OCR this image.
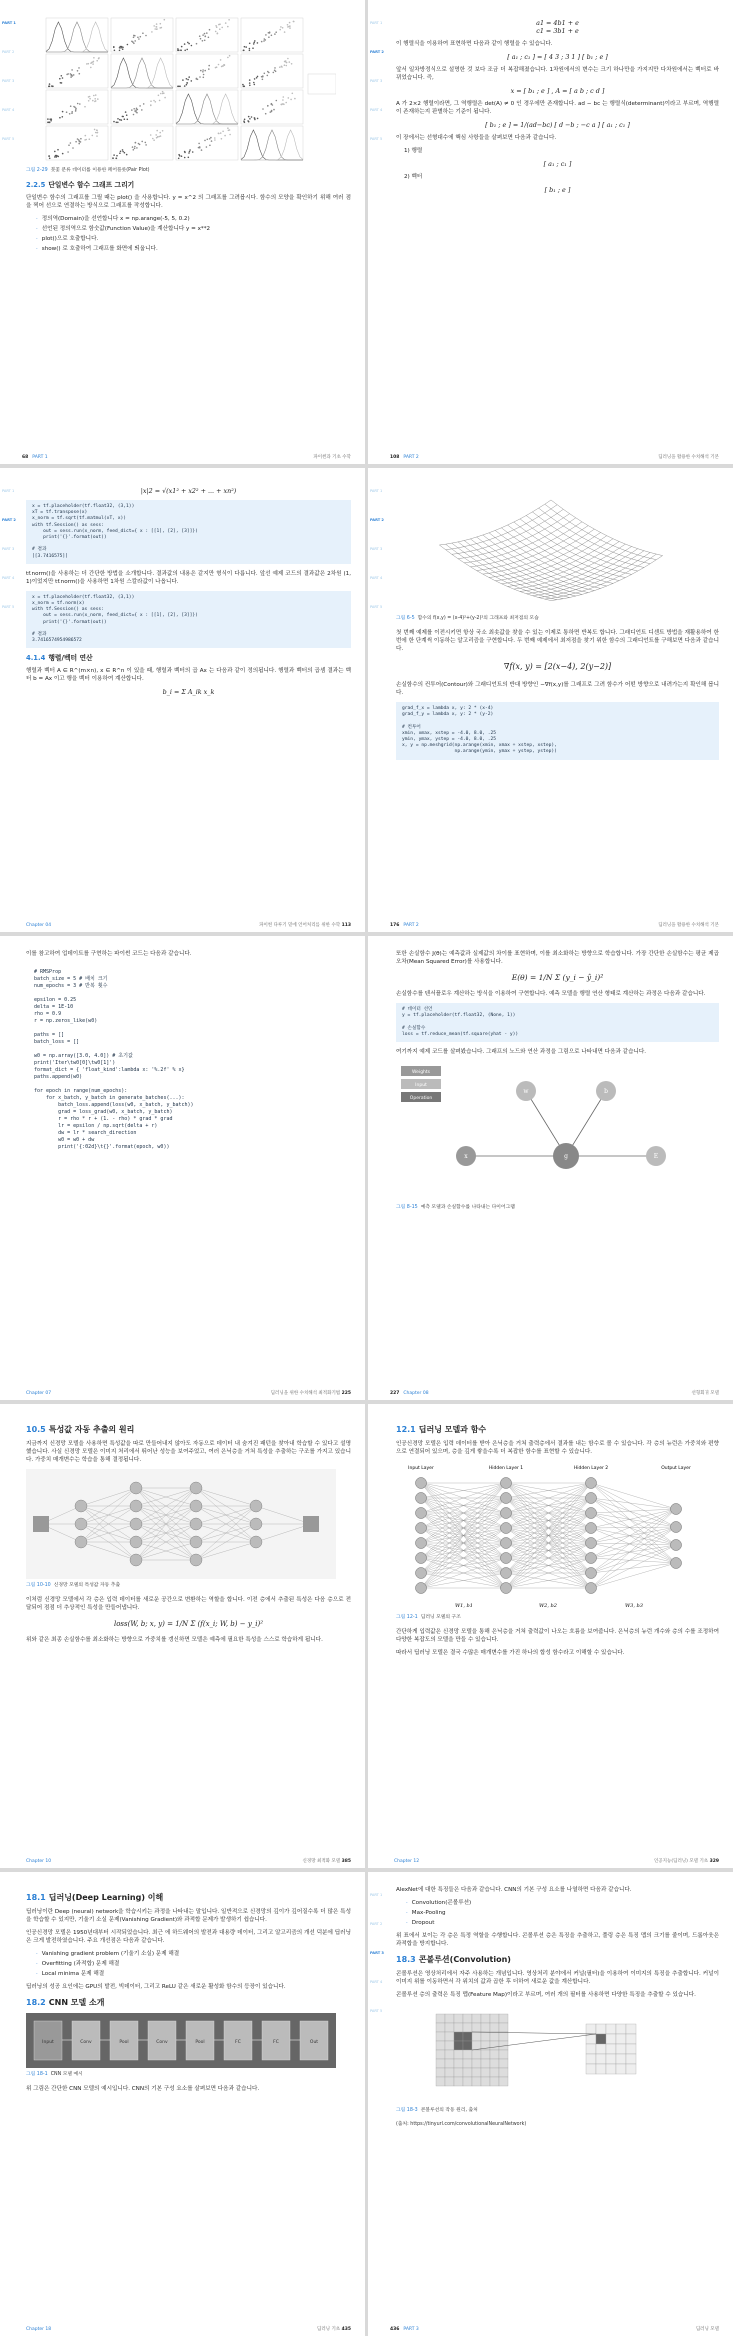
PART 1
PART 2
PART 3
PART 4
PART 5
그림 2-29 붓꽃 분류 데이터를 이용한 페어플롯(Pair Plot)
2.2.5 단일변수 함수 그래프 그리기

단일변수 함수의 그래프를 그릴 때는 plot() 을 사용합니다. y = x^2 의 그래프를 그려봅시다. 함수의 모양을 확인하기 위해 여러 점을 찍어 선으로 연결하는 방식으로 그래프를 작성합니다.

· 정의역(Domain)을 선언합니다 x = np.arange(-5, 5, 0.2)
· 선언된 정의역으로 함숫값(Function Value)을 계산합니다 y = x**2
· plot()으로 호출합니다.
· show() 로 호출하여 그래프를 화면에 띄웁니다.
68 PART 1	파이썬과 기초 수학
PART 1
PART 2
PART 3
PART 4
PART 5
a1 = 4b1 + e
c1 = 3b1 + e

이 행렬식을 이용하여 표현하면 다음과 같이 행렬을 수 있습니다.

[ a₁ ; c₁ ] = [ 4 3 ; 3 1 ] [ b₁ ; e ]

앞서 일차방정식으로 설명한 것 보다 조금 더 복잡해졌습니다. 1차원에서의 변수는 크기 하나만을 가지지만 다차원에서는 벡터로 바뀌었습니다. 즉,

x = [ b₁ ; e ] , A = [ a b ; c d ]

A 가 2×2 행렬이라면, 그 역행렬은 det(A) ≠ 0 인 경우에만 존재합니다. ad − bc 는 행렬식(determinant)이라고 부르며, 역행렬이 존재하는지 판별하는 기준이 됩니다.

[ b₁ ; e ] = 1/(ad−bc) [ d −b ; −c a ] [ a₁ ; c₁ ]

이 장에서는 선형대수에 핵심 사항들을 살펴보면 다음과 같습니다.

1) 행렬

[ a₁ ; c₁ ]

2) 벡터

[ b₁ ; e ]
108 PART 2	딥러닝을 활용한 수치해석 기본
PART 1
PART 2
PART 3
PART 4
PART 5
|x|2 = √(x1² + x2² + ... + xn²)
x = tf.placeholder(tf.float32, (3,1))
xT = tf.transpose(x)
x_norm = tf.sqrt(tf.matmul(xT, x))
with tf.Session() as sess:
out = sess.run(x_norm, feed_dict={ x : [[1], [2], [3]]})
print('{}'.format(out))

# 결과
[[3.7416575]]

tf.norm()을 사용하는 더 간단한 방법을 소개합니다. 결과값의 내용은 같지만 형식이 다릅니다. 앞선 예제 코드의 결과값은 2차원 (1, 1)이었지만 tf.norm()을 사용하면 1차원 스칼라값이 나옵니다.

x = tf.placeholder(tf.float32, (3,1))
x_norm = tf.norm(x)
with tf.Session() as sess:
out = sess.run(x_norm, feed_dict={ x : [[1], [2], [3]]})
print('{}'.format(out))

# 결과
3.7416574954986572
4.1.4 행렬/벡터 연산

행렬과 벡터 A ∈ R^(m×n), x ∈ R^n 이 있을 때, 행렬과 벡터의 곱 Ax 는 다음과 같이 정의됩니다. 행렬과 벡터의 곱셈 결과는 벡터 b = Ax 이고 행을 벡터 이용하여 계산합니다.

b_i = Σ A_ik x_k
Chapter 04	파이썬 다루기 밑에 언어처리를 위한 수학 113
PART 1
PART 2
PART 3
PART 4
PART 5
그림 6-5 함수의 f(x,y) = (x-4)²+(y-2)²의 그래프와 최저점의 모습

첫 번째 예제를 이전시키면 항상 국소 최솟값을 찾을 수 있는 이제로 통하면 반복도 합니다. 그래디언트 디센트 방법을 재활용하여 한 번에 한 단계씩 이동하는 알고리즘을 구현합니다. 두 번째 예제에서 최저점을 찾기 위한 함수의 그래디언트를 구해보면 다음과 같습니다.

∇f(x, y) = [2(x−4), 2(y−2)]

손실함수의 컨투어(Contour)와 그래디언트의 반대 방향인 −∇f(x,y)를 그래프로 그려 함수가 어떤 방향으로 내려가는지 확인해 봅니다.

grad_f_x = lambda x, y: 2 * (x-4)
grad_f_y = lambda x, y: 2 * (y-2)

# 컨투어
xmin, xmax, xstep = -4.0, 8.0, .25
ymin, ymax, ystep = -4.0, 8.0, .25
x, y = np.meshgrid(np.arange(xmin, xmax + xstep, xstep),
np.arange(ymin, ymax + ystep, ystep))
176 PART 2	딥러닝을 활용한 수치해석 기본

이를 참고하여 업데이트를 구현하는 파이썬 코드는 다음과 같습니다.

# RMSProp
batch_size = 5 # 배치 크기
num_epochs = 3 # 반복 횟수

epsilon = 0.25
delta = 1E-10
rho = 0.9
r = np.zeros_like(w0)

paths = []
batch_loss = []

w0 = np.array([3.0, 4.0]) # 초기값
print('Iter\tw0[0]\tw0[1]')
format_dict = { 'float_kind':lambda x: '%.2f' % x}
paths.append(w0)

for epoch in range(num_epochs):
for x_batch, y_batch in generate_batches(...):
batch_loss.append(loss(w0, x_batch, y_batch))
grad = loss_grad(w0, x_batch, y_batch)
r = rho * r + (1. - rho) * grad * grad
lr = epsilon / np.sqrt(delta + r)
dw = lr * search_direction
w0 = w0 + dw
print('{:02d}\t{}'.format(epoch, w0))
Chapter 07	딥러닝을 위한 수치해석 최적화기법 225

또한 손실함수 J(θ)는 예측값과 실제값의 차이를 표현하며, 이를 최소화하는 방향으로 학습합니다. 가장 간단한 손실함수는 평균 제곱 오차(Mean Squared Error)를 사용합니다.

E(θ) = 1/N Σ (y_i − ŷ_i)²

손실함수를 텐서플로우 계산하는 방식을 이용하여 구현합니다. 예측 모델을 행렬 연산 형태로 계산하는 과정은 다음과 같습니다.

# 데이터 선언
y = tf.placeholder(tf.float32, (None, 1))

# 손실함수
loss = tf.reduce_mean(tf.square(yhat - y))

여기까지 예제 코드를 살펴봤습니다. 그래프의 노드와 연산 과정을 그림으로 나타내면 다음과 같습니다.

Weights
Input
Operation
w	b
x	g	E
그림 8-15 예측 모델과 손실함수를 나타내는 다이어그램
227 Chapter 08	선형회귀 모델
10.5 특성값 자동 추출의 원리

지금까지 신경망 모델을 사용하면 특성값을 따로 만들어내지 않아도 자동으로 데이터 내 숨겨진 패턴을 찾아내 학습할 수 있다고 설명했습니다. 사실 신경망 모델은 이미지 처리에서 뛰어난 성능을 보여주었고, 여러 은닉층을 거쳐 특성을 추출하는 구조를 가지고 있습니다. 가중치 매개변수는 학습을 통해 결정됩니다.

그림 10-10 신경망 모델의 특성값 자동 추출

이처럼 신경망 모델에서 각 층은 입력 데이터를 새로운 공간으로 변환하는 역할을 합니다. 이전 층에서 추출된 특성은 다음 층으로 전달되어 점점 더 추상적인 특성을 만들어냅니다.

loss(W, b; x, y) = 1/N Σ (f(x_i; W, b) − y_i)²

위와 같은 최종 손실함수를 최소화하는 방향으로 가중치를 갱신하면 모델은 예측에 필요한 특성을 스스로 학습하게 됩니다.

Chapter 10	신경망 최적화 모델 385
12.1 딥러닝 모델과 함수

인공신경망 모델은 입력 데이터를 받아 은닉층을 거쳐 출력층에서 결과를 내는 함수로 볼 수 있습니다. 각 층의 뉴런은 가중치와 편향으로 연결되어 있으며, 층을 깊게 쌓을수록 더 복잡한 함수를 표현할 수 있습니다.

Input Layer	Hidden Layer 1	Hidden Layer 2	Output Layer
W1, b1	W2, b2	W3, b3
그림 12-1 딥러닝 모델의 구조

간단하게 입력값은 신경망 모델을 통해 은닉층을 거쳐 출력값이 나오는 흐름을 보여줍니다. 은닉층의 뉴런 개수와 층의 수를 조정하여 다양한 복잡도의 모델을 만들 수 있습니다.

따라서 딥러닝 모델은 결국 수많은 매개변수를 가진 하나의 합성 함수라고 이해할 수 있습니다.

Chapter 12	인공지능(딥러닝) 모델 기초 329
18.1 딥러닝(Deep Learning) 이해

딥러닝이란 Deep (neural) network을 학습시키는 과정을 나타내는 말입니다. 일반적으로 신경망의 깊이가 깊어질수록 더 많은 특성을 학습할 수 있지만, 기울기 소실 문제(Vanishing Gradient)와 과적합 문제가 발생하기 쉽습니다.

인공신경망 모델은 1950년대부터 시작되었습니다. 최근 에 하드웨어의 발전과 대용량 데이터, 그리고 알고리즘의 개선 덕분에 딥러닝은 크게 발전하였습니다. 주요 개선점은 다음과 같습니다.

· Vanishing gradient problem (기울기 소실) 문제 해결
· Overfitting (과적합) 문제 해결
· Local minima 문제 해결

딥러닝의 성공 요인에는 GPU의 발전, 빅데이터, 그리고 ReLU 같은 새로운 활성화 함수의 등장이 있습니다.

18.2 CNN 모델 소개
Input	Conv	Pool	Conv	Pool	FC	FC	Out
그림 18-1 CNN 모델 예시

위 그림은 간단한 CNN 모델의 예시입니다. CNN의 기본 구성 요소를 살펴보면 다음과 같습니다.

Chapter 18	딥러닝 기초 435
PART 1
PART 2
PART 3
PART 4
PART 5

AlexNet에 대한 특징들은 다음과 같습니다. CNN의 기본 구성 요소를 나열하면 다음과 같습니다.

· Convolution(콘볼루션)
· Max-Pooling
· Dropout

위 표에서 보이는 각 층은 특정 역할을 수행합니다. 콘볼루션 층은 특징을 추출하고, 풀링 층은 특징 맵의 크기를 줄이며, 드롭아웃은 과적합을 방지합니다.

18.3 콘볼루션(Convolution)

콘볼루션은 영상처리에서 자주 사용하는 개념입니다. 영상처리 분야에서 커널(필터)을 이용하여 이미지의 특징을 추출합니다. 커널이 이미지 위를 이동하면서 각 위치의 값과 곱한 후 더하여 새로운 값을 계산합니다.

콘볼루션 층의 출력은 특징 맵(Feature Map)이라고 부르며, 여러 개의 필터를 사용하면 다양한 특징을 추출할 수 있습니다.

그림 18-3 콘볼루션의 작동 원리, 출처
(출처: https://tinyurl.com/convolutionalNeuralNetwork)
436 PART 3	딥러닝 모델
